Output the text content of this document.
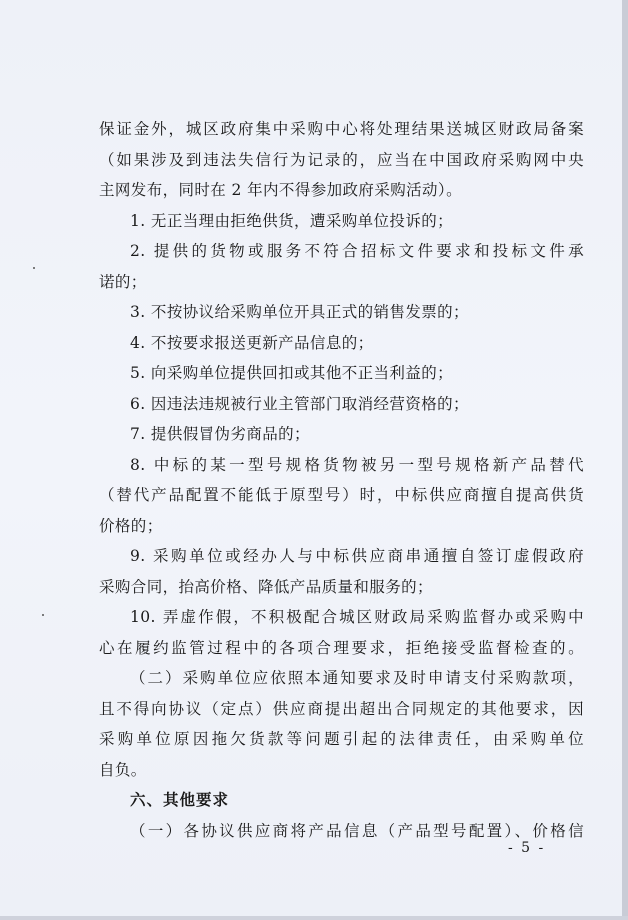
保证金外，城区政府集中采购中心将处理结果送城区财政局备案
（如果涉及到违法失信行为记录的，应当在中国政府采购网中央
主网发布，同时在 2 年内不得参加政府采购活动）。
1. 无正当理由拒绝供货，遭采购单位投诉的；
2. 提供的货物或服务不符合招标文件要求和投标文件承
诺的；
3. 不按协议给采购单位开具正式的销售发票的；
4. 不按要求报送更新产品信息的；
5. 向采购单位提供回扣或其他不正当利益的；
6. 因违法违规被行业主管部门取消经营资格的；
7. 提供假冒伪劣商品的；
8. 中标的某一型号规格货物被另一型号规格新产品替代
（替代产品配置不能低于原型号）时，中标供应商擅自提高供货
价格的；
9. 采购单位或经办人与中标供应商串通擅自签订虚假政府
采购合同，抬高价格、降低产品质量和服务的；
10. 弄虚作假，不积极配合城区财政局采购监督办或采购中
心在履约监管过程中的各项合理要求，拒绝接受监督检查的。
（二）采购单位应依照本通知要求及时申请支付采购款项，
且不得向协议（定点）供应商提出超出合同规定的其他要求，因
采购单位原因拖欠货款等问题引起的法律责任，由采购单位
自负。
六、其他要求
（一）各协议供应商将产品信息（产品型号配置）、价格信
- 5 -
